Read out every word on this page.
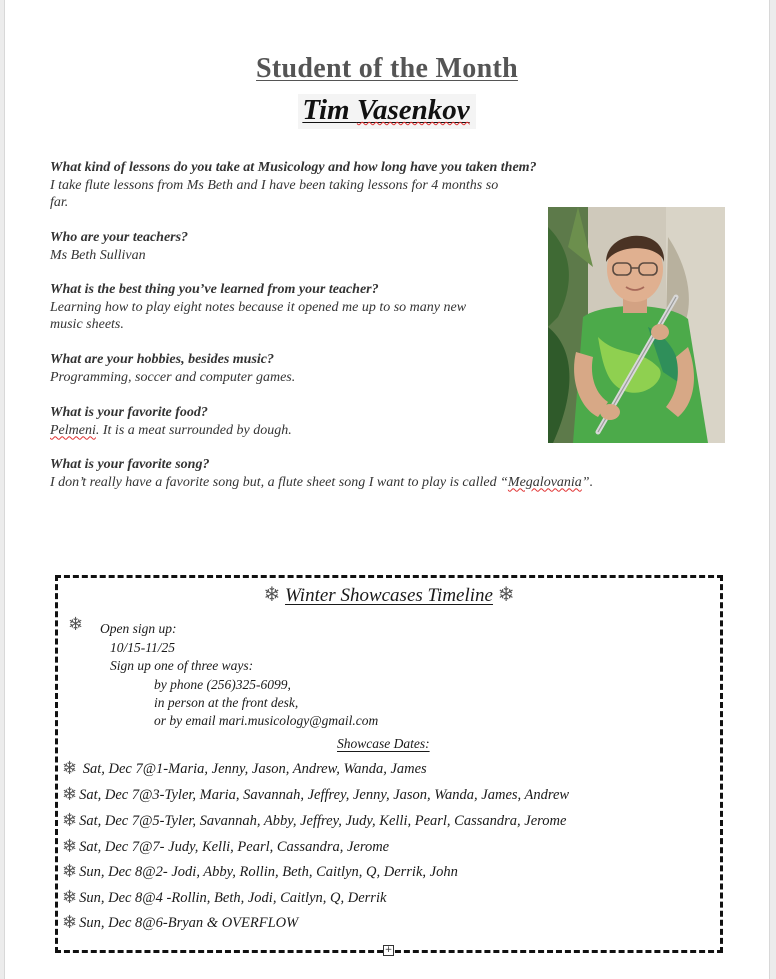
Student of the Month
Tim Vasenkov
What kind of lessons do you take at Musicology and how long have you taken them?
I take flute lessons from Ms Beth and I have been taking lessons for 4 months so
far.
Who are your teachers?
Ms Beth Sullivan
What is the best thing you’ve learned from your teacher?
Learning how to play eight notes because it opened me up to so many new
music sheets.
What are your hobbies, besides music?
Programming, soccer and computer games.
What is your favorite food?
Pelmeni. It is a meat surrounded by dough.
What is your favorite song?
I don’t really have a favorite song but, a flute sheet song I want to play is called “Megalovania”.
❄ Winter Showcases Timeline ❄
❄ Open sign up:
10/15-11/25
Sign up one of three ways:
by phone (256)325-6099,
in person at the front desk,
or by email mari.musicology@gmail.com
Showcase Dates:
❄ Sat, Dec 7@1-Maria, Jenny, Jason, Andrew, Wanda, James
❄ Sat, Dec 7@3-Tyler, Maria, Savannah, Jeffrey, Jenny, Jason, Wanda, James, Andrew
❄ Sat, Dec 7@5-Tyler, Savannah, Abby, Jeffrey, Judy, Kelli, Pearl, Cassandra, Jerome
❄ Sat, Dec 7@7- Judy, Kelli, Pearl, Cassandra, Jerome
❄ Sun, Dec 8@2- Jodi, Abby, Rollin, Beth, Caitlyn, Q, Derrik, John
❄ Sun, Dec 8@4 -Rollin, Beth, Jodi, Caitlyn, Q, Derrik
❄ Sun, Dec 8@6-Bryan & OVERFLOW
+
